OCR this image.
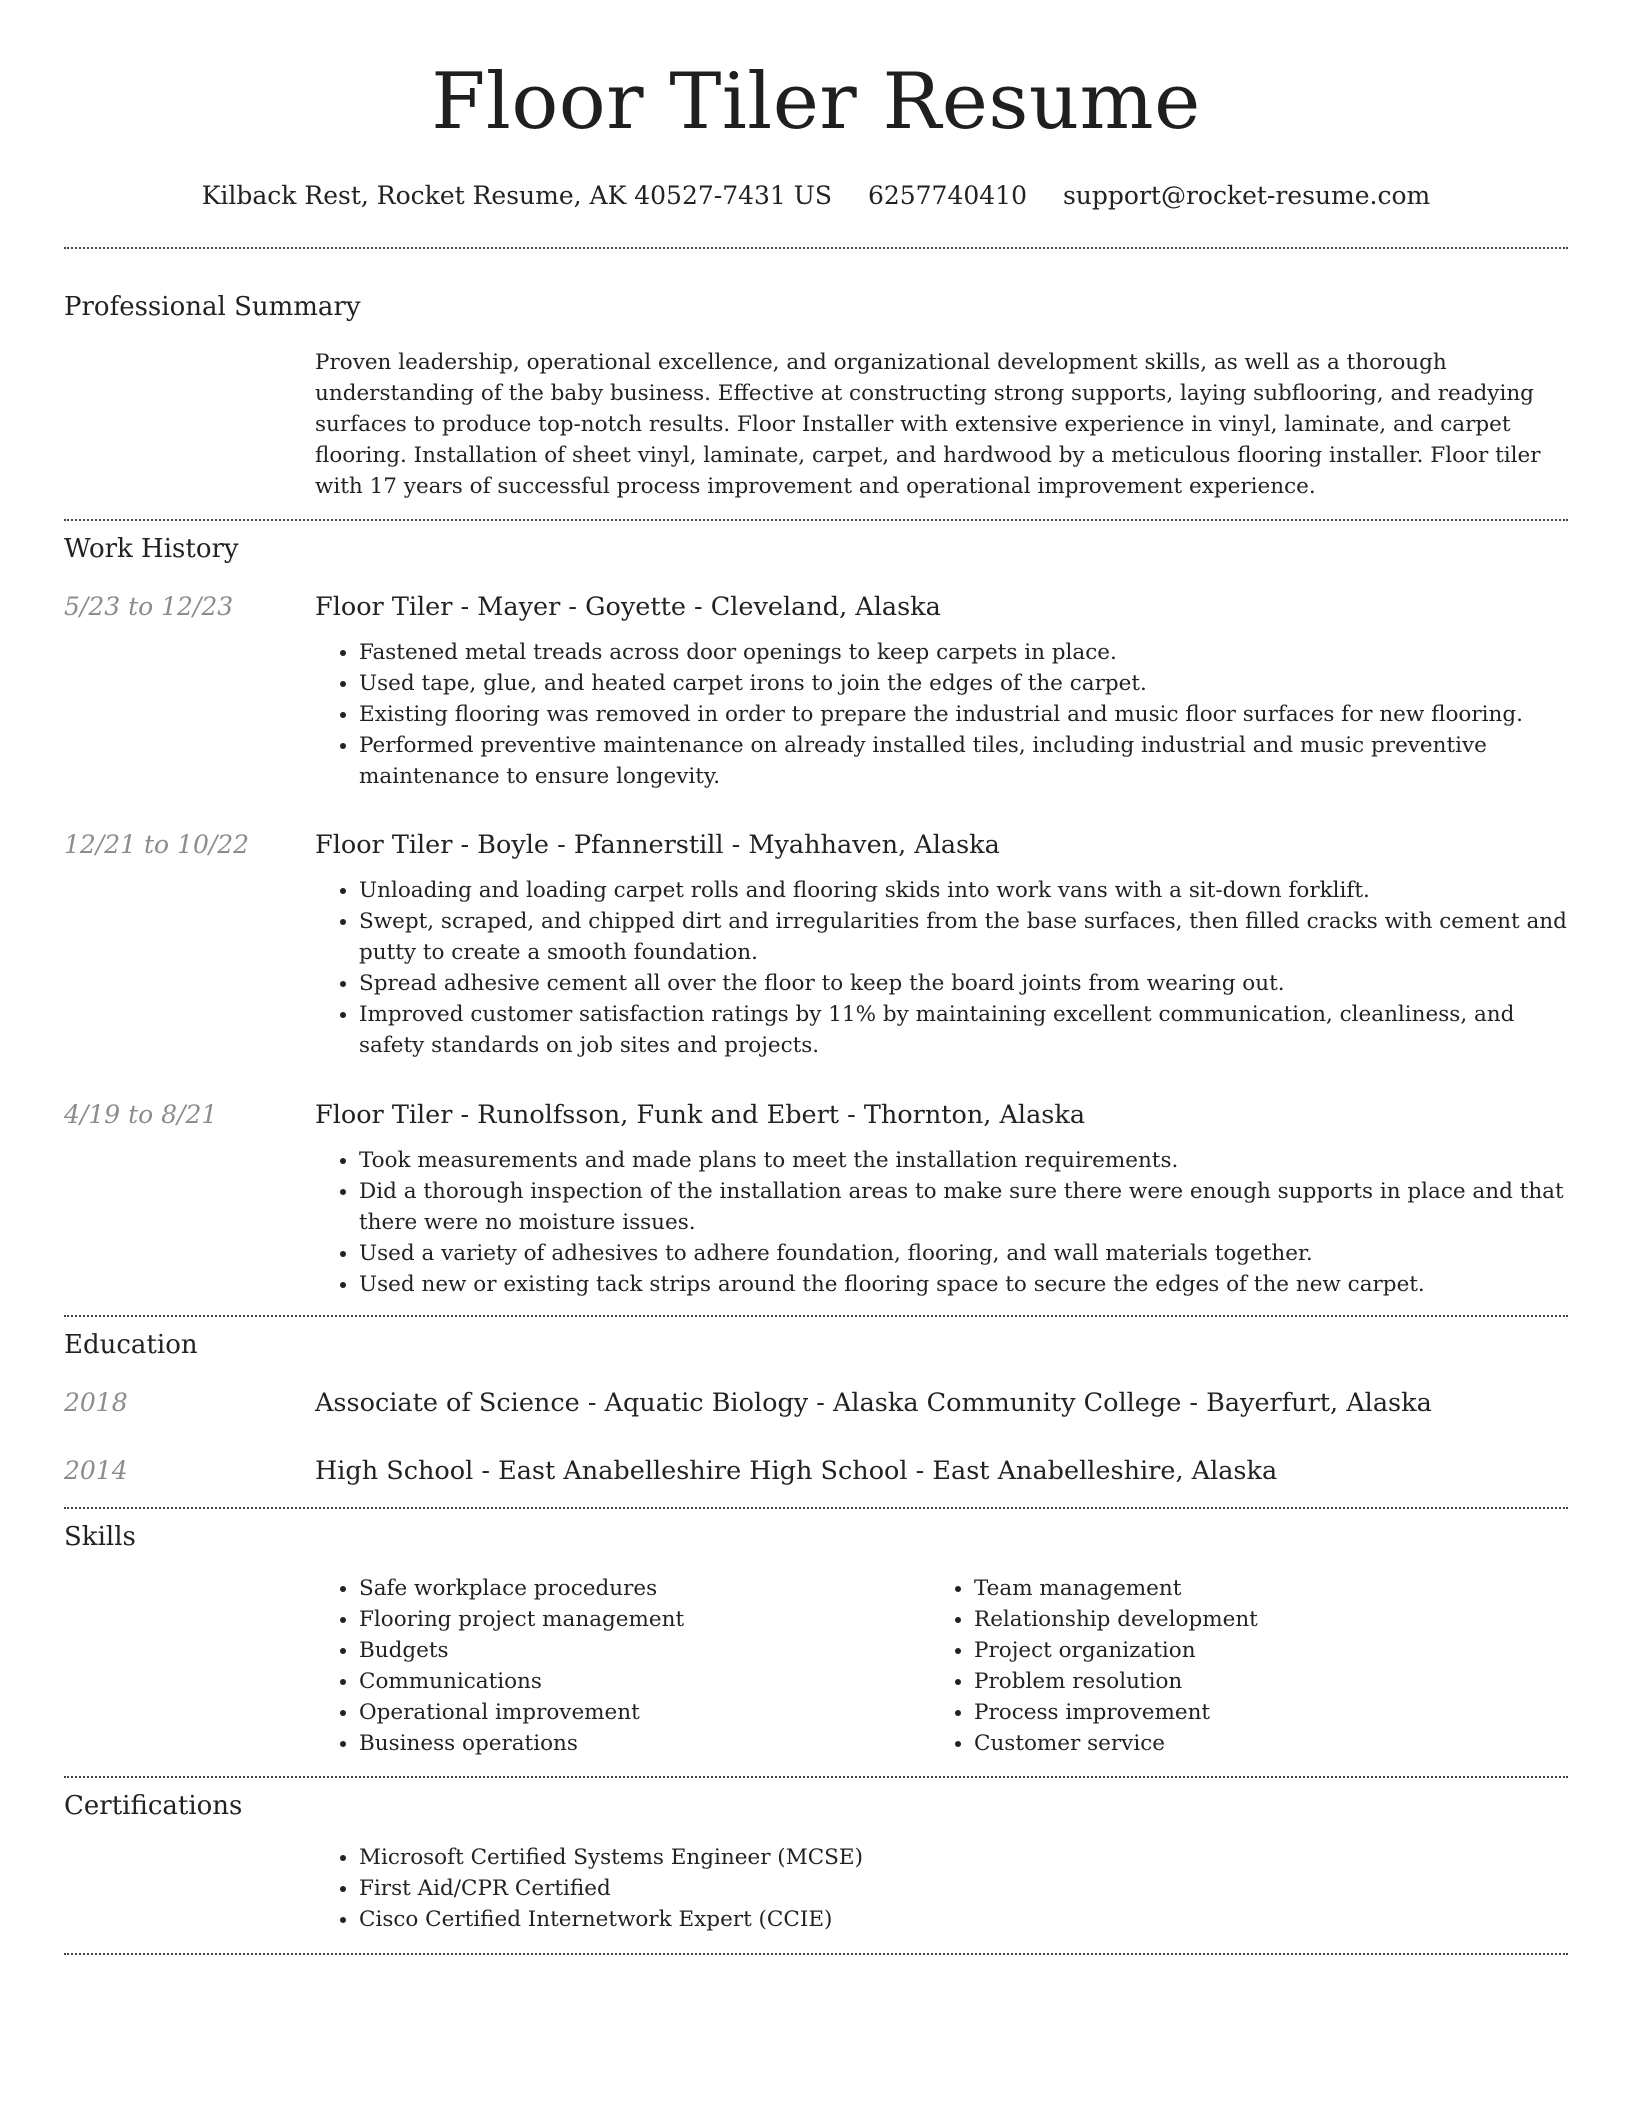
Floor Tiler Resume
Kilback Rest, Rocket Resume, AK 40527-7431 US 6257740410 support@rocket-resume.com
Professional Summary

Proven leadership, operational excellence, and organizational development skills, as well as a thorough understanding of the baby business. Effective at constructing strong supports, laying subflooring, and readying surfaces to produce top-notch results. Floor Installer with extensive experience in vinyl, laminate, and carpet flooring. Installation of sheet vinyl, laminate, carpet, and hardwood by a meticulous flooring installer. Floor tiler with 17 years of successful process improvement and operational improvement experience.

Work History
5/23 to 12/23	Floor Tiler - Mayer - Goyette - Cleveland, Alaska
• Fastened metal treads across door openings to keep carpets in place.
• Used tape, glue, and heated carpet irons to join the edges of the carpet.
• Existing flooring was removed in order to prepare the industrial and music floor surfaces for new flooring.
• Performed preventive maintenance on already installed tiles, including industrial and music preventive maintenance to ensure longevity.
12/21 to 10/22	Floor Tiler - Boyle - Pfannerstill - Myahhaven, Alaska
• Unloading and loading carpet rolls and flooring skids into work vans with a sit-down forklift.
• Swept, scraped, and chipped dirt and irregularities from the base surfaces, then filled cracks with cement and putty to create a smooth foundation.
• Spread adhesive cement all over the floor to keep the board joints from wearing out.
• Improved customer satisfaction ratings by 11% by maintaining excellent communication, cleanliness, and safety standards on job sites and projects.
4/19 to 8/21	Floor Tiler - Runolfsson, Funk and Ebert - Thornton, Alaska
• Took measurements and made plans to meet the installation requirements.
• Did a thorough inspection of the installation areas to make sure there were enough supports in place and that there were no moisture issues.
• Used a variety of adhesives to adhere foundation, flooring, and wall materials together.
• Used new or existing tack strips around the flooring space to secure the edges of the new carpet.
Education
2018	Associate of Science - Aquatic Biology - Alaska Community College - Bayerfurt, Alaska
2014	High School - East Anabelleshire High School - East Anabelleshire, Alaska
Skills
• Safe workplace procedures
• Flooring project management
• Budgets
• Communications
• Operational improvement
• Business operations
• Team management
• Relationship development
• Project organization
• Problem resolution
• Process improvement
• Customer service
Certifications
• Microsoft Certified Systems Engineer (MCSE)
• First Aid/CPR Certified
• Cisco Certified Internetwork Expert (CCIE)
